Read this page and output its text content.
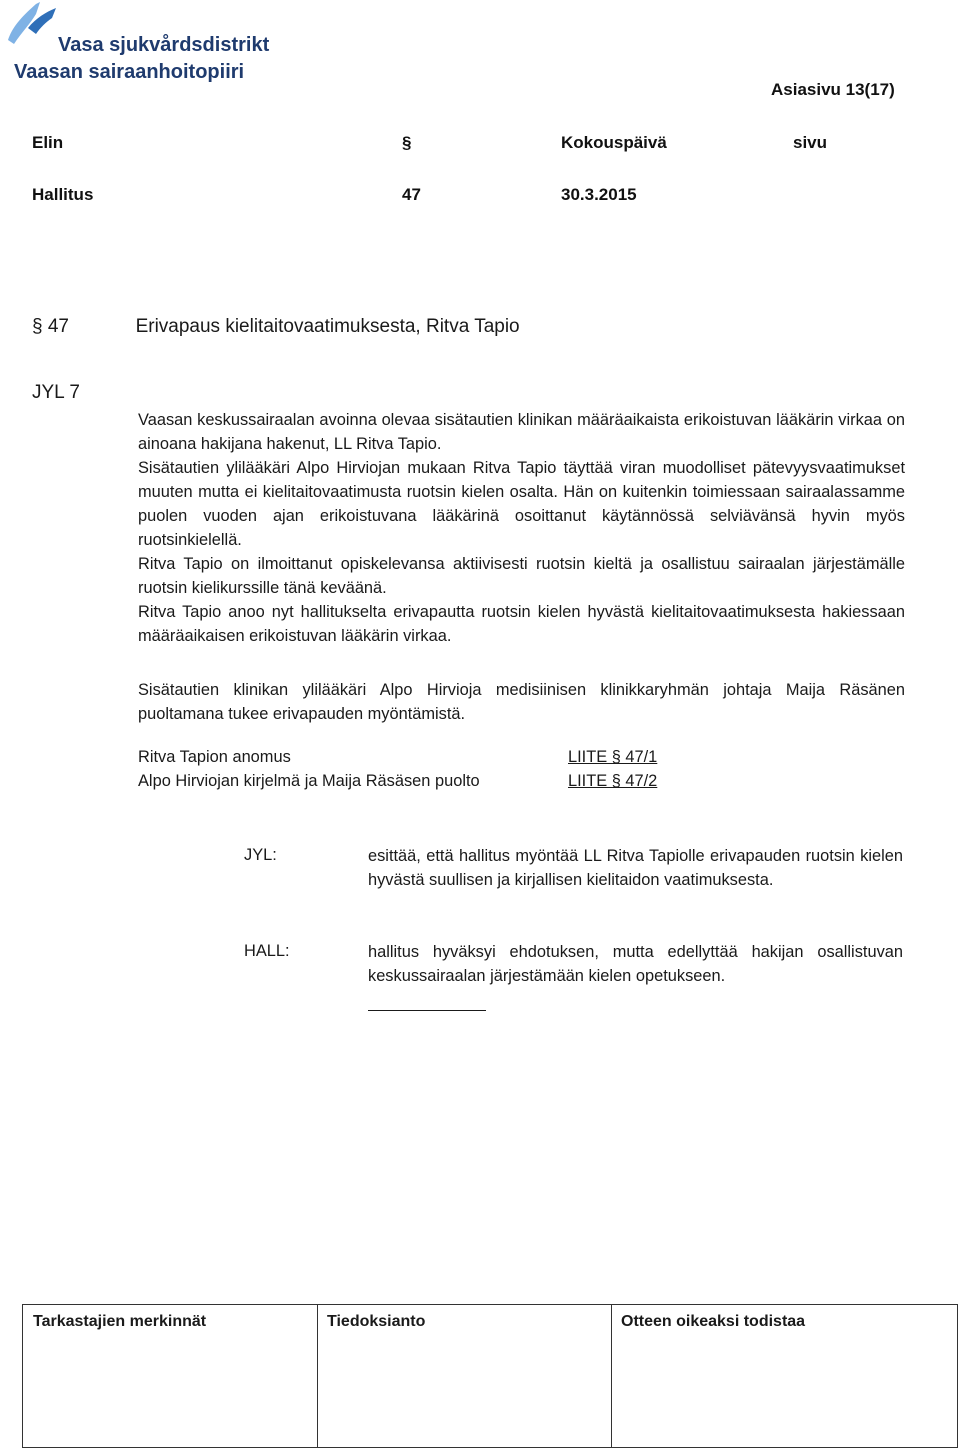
Vasa sjukvårdsdistrikt
Vaasan sairaanhoitopiiri
Asiasivu 13(17)
Elin	§	Kokouspäivä	sivu
Hallitus	47	30.3.2015
§ 47	Erivapaus kielitaitovaatimuksesta, Ritva Tapio
JYL 7

Vaasan keskussairaalan avoinna olevaa sisätautien klinikan määräaikaista erikoistuvan lääkärin virkaa on ainoana hakijana hakenut, LL Ritva Tapio.

Sisätautien ylilääkäri Alpo Hirviojan mukaan Ritva Tapio täyttää viran muodolliset pätevyysvaatimukset muuten mutta ei kielitaitovaatimusta ruotsin kielen osalta. Hän on kuitenkin toimiessaan sairaalassamme puolen vuoden ajan erikoistuvana lääkärinä osoittanut käytännössä selviävänsä hyvin myös ruotsinkielellä.

Ritva Tapio on ilmoittanut opiskelevansa aktiivisesti ruotsin kieltä ja osallistuu sairaalan järjestämälle ruotsin kielikurssille tänä keväänä.

Ritva Tapio anoo nyt hallitukselta erivapautta ruotsin kielen hyvästä kielitaitovaatimuksesta hakiessaan määräaikaisen erikoistuvan lääkärin virkaa.

Sisätautien klinikan ylilääkäri Alpo Hirvioja medisiinisen klinikkaryhmän johtaja Maija Räsänen puoltamana tukee erivapauden myöntämistä.

Ritva Tapion anomus	LIITE § 47/1
Alpo Hirviojan kirjelmä ja Maija Räsäsen puolto	LIITE § 47/2
JYL:	esittää, että hallitus myöntää LL Ritva Tapiolle erivapauden ruotsin kielen hyvästä suullisen ja kirjallisen kielitaidon vaatimuksesta.
HALL:	hallitus hyväksyi ehdotuksen, mutta edellyttää hakijan osallistuvan keskussairaalan järjestämään kielen opetukseen.
Tarkastajien merkinnät	Tiedoksianto	Otteen oikeaksi todistaa
